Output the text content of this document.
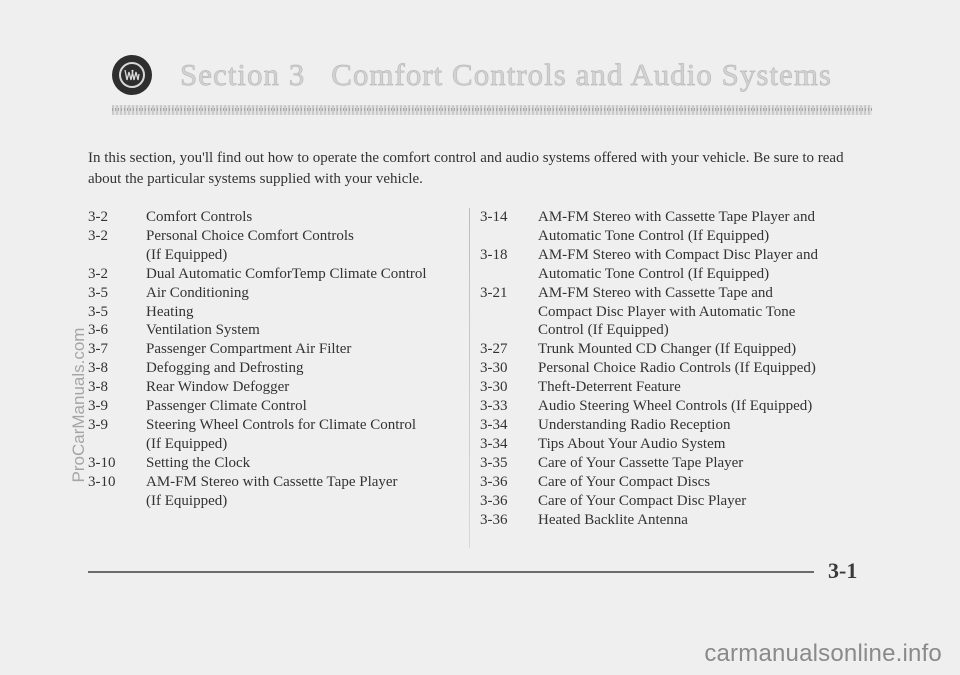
Section 3 Comfort Controls and Audio Systems
In this section, you'll find out how to operate the comfort control and audio systems offered with your vehicle. Be sure to read about the particular systems supplied with your vehicle.
3-2	Comfort Controls
3-2	Personal Choice Comfort Controls
(If Equipped)
3-2	Dual Automatic ComforTemp Climate Control
3-5	Air Conditioning
3-5	Heating
3-6	Ventilation System
3-7	Passenger Compartment Air Filter
3-8	Defogging and Defrosting
3-8	Rear Window Defogger
3-9	Passenger Climate Control
3-9	Steering Wheel Controls for Climate Control
(If Equipped)
3-10	Setting the Clock
3-10	AM-FM Stereo with Cassette Tape Player
(If Equipped)
3-14	AM-FM Stereo with Cassette Tape Player and
Automatic Tone Control (If Equipped)
3-18	AM-FM Stereo with Compact Disc Player and
Automatic Tone Control (If Equipped)
3-21	AM-FM Stereo with Cassette Tape and
Compact Disc Player with Automatic Tone
Control (If Equipped)
3-27	Trunk Mounted CD Changer (If Equipped)
3-30	Personal Choice Radio Controls (If Equipped)
3-30	Theft-Deterrent Feature
3-33	Audio Steering Wheel Controls (If Equipped)
3-34	Understanding Radio Reception
3-34	Tips About Your Audio System
3-35	Care of Your Cassette Tape Player
3-36	Care of Your Compact Discs
3-36	Care of Your Compact Disc Player
3-36	Heated Backlite Antenna
3-1
ProCarManuals.com
carmanualsonline.info
